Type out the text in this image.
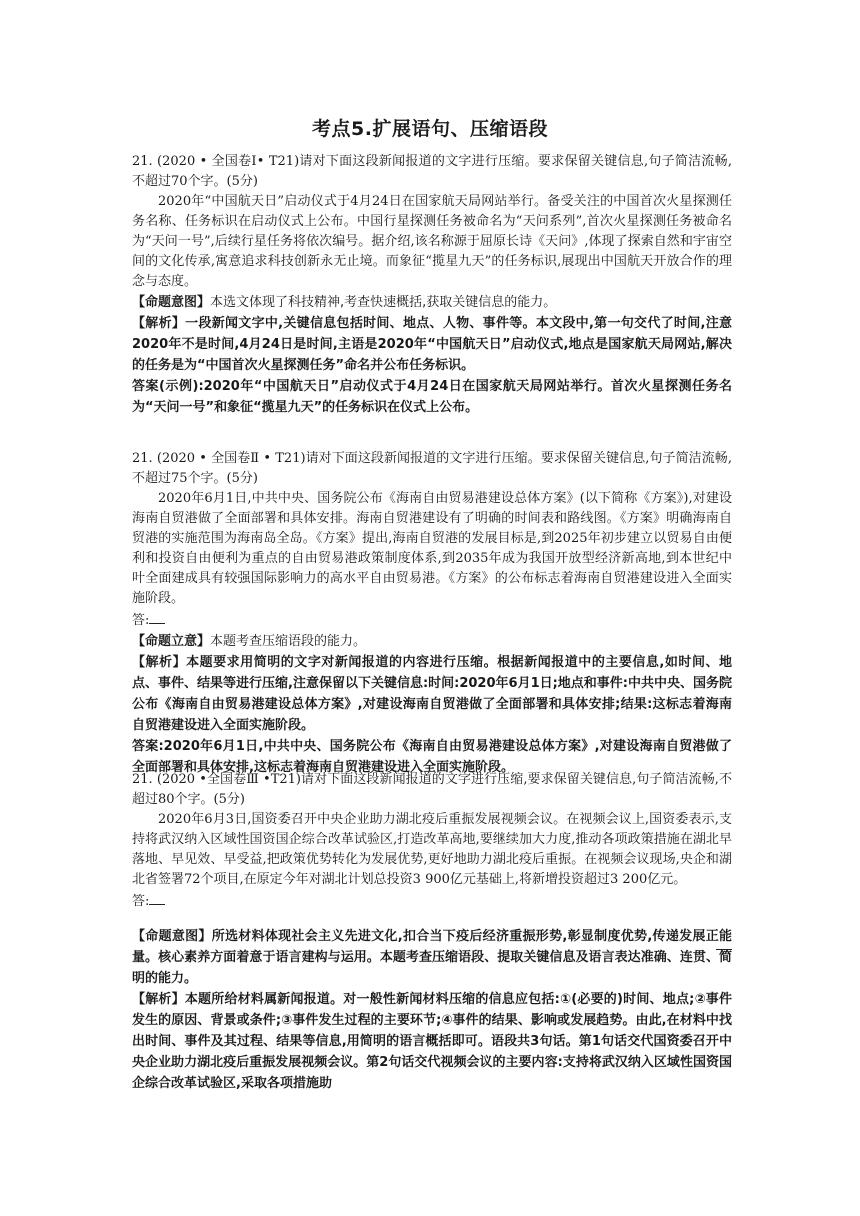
考点5.扩展语句、压缩语段

21. (2020 • 全国卷Ⅰ• T21)请对下面这段新闻报道的文字进行压缩。要求保留关键信息,句子简洁流畅,不超过70个字。(5分)

2020年“中国航天日”启动仪式于4月24日在国家航天局网站举行。备受关注的中国首次火星探测任务名称、任务标识在启动仪式上公布。中国行星探测任务被命名为“天问系列”,首次火星探测任务被命名为“天问一号”,后续行星任务将依次编号。据介绍,该名称源于屈原长诗《天问》,体现了探索自然和宇宙空间的文化传承,寓意追求科技创新永无止境。而象征“揽星九天”的任务标识,展现出中国航天开放合作的理念与态度。

【命题意图】本选文体现了科技精神,考查快速概括,获取关键信息的能力。

【解析】一段新闻文字中,关键信息包括时间、地点、人物、事件等。本文段中,第一句交代了时间,注意2020年不是时间,4月24日是时间,主语是2020年“中国航天日”启动仪式,地点是国家航天局网站,解决的任务是为“中国首次火星探测任务”命名并公布任务标识。

答案(示例):2020年“中国航天日”启动仪式于4月24日在国家航天局网站举行。首次火星探测任务名为“天问一号”和象征“揽星九天”的任务标识在仪式上公布。

21. (2020 • 全国卷Ⅱ • T21)请对下面这段新闻报道的文字进行压缩。要求保留关键信息,句子简洁流畅,不超过75个字。(5分)

2020年6月1日,中共中央、国务院公布《海南自由贸易港建设总体方案》(以下简称《方案》),对建设海南自贸港做了全面部署和具体安排。海南自贸港建设有了明确的时间表和路线图。《方案》明确海南自贸港的实施范围为海南岛全岛。《方案》提出,海南自贸港的发展目标是,到2025年初步建立以贸易自由便利和投资自由便利为重点的自由贸易港政策制度体系,到2035年成为我国开放型经济新高地,到本世纪中叶全面建成具有较强国际影响力的高水平自由贸易港。《方案》的公布标志着海南自贸港建设进入全面实施阶段。

答:

【命题立意】本题考查压缩语段的能力。

【解析】本题要求用简明的文字对新闻报道的内容进行压缩。根据新闻报道中的主要信息,如时间、地点、事件、结果等进行压缩,注意保留以下关键信息:时间:2020年6月1日;地点和事件:中共中央、国务院公布《海南自由贸易港建设总体方案》,对建设海南自贸港做了全面部署和具体安排;结果:这标志着海南自贸港建设进入全面实施阶段。

答案:2020年6月1日,中共中央、国务院公布《海南自由贸易港建设总体方案》,对建设海南自贸港做了全面部署和具体安排,这标志着海南自贸港建设进入全面实施阶段。

21. (2020 •全国卷Ⅲ •T21)请对下面这段新闻报道的文字进行压缩,要求保留关键信息,句子简洁流畅,不超过80个字。(5分)

2020年6月3日,国资委召开中央企业助力湖北疫后重振发展视频会议。在视频会议上,国资委表示,支持将武汉纳入区域性国资国企综合改革试验区,打造改革高地,要继续加大力度,推动各项政策措施在湖北早落地、早见效、早受益,把政策优势转化为发展优势,更好地助力湖北疫后重振。在视频会议现场,央企和湖北省签署72个项目,在原定今年对湖北计划总投资3 900亿元基础上,将新增投资超过3 200亿元。

答:

【命题意图】所选材料体现社会主义先进文化,扣合当下疫后经济重振形势,彰显制度优势,传递发展正能量。核心素养方面着意于语言建构与运用。本题考查压缩语段、提取关键信息及语言表达准确、连贯、简明的能力。

【解析】本题所给材料属新闻报道。对一般性新闻材料压缩的信息应包括:①(必要的)时间、地点;②事件发生的原因、背景或条件;③事件发生过程的主要环节;④事件的结果、影响或发展趋势。由此,在材料中找出时间、事件及其过程、结果等信息,用简明的语言概括即可。语段共3句话。第1句话交代国资委召开中央企业助力湖北疫后重振发展视频会议。第2句话交代视频会议的主要内容:支持将武汉纳入区域性国资国企综合改革试验区,采取各项措施助
